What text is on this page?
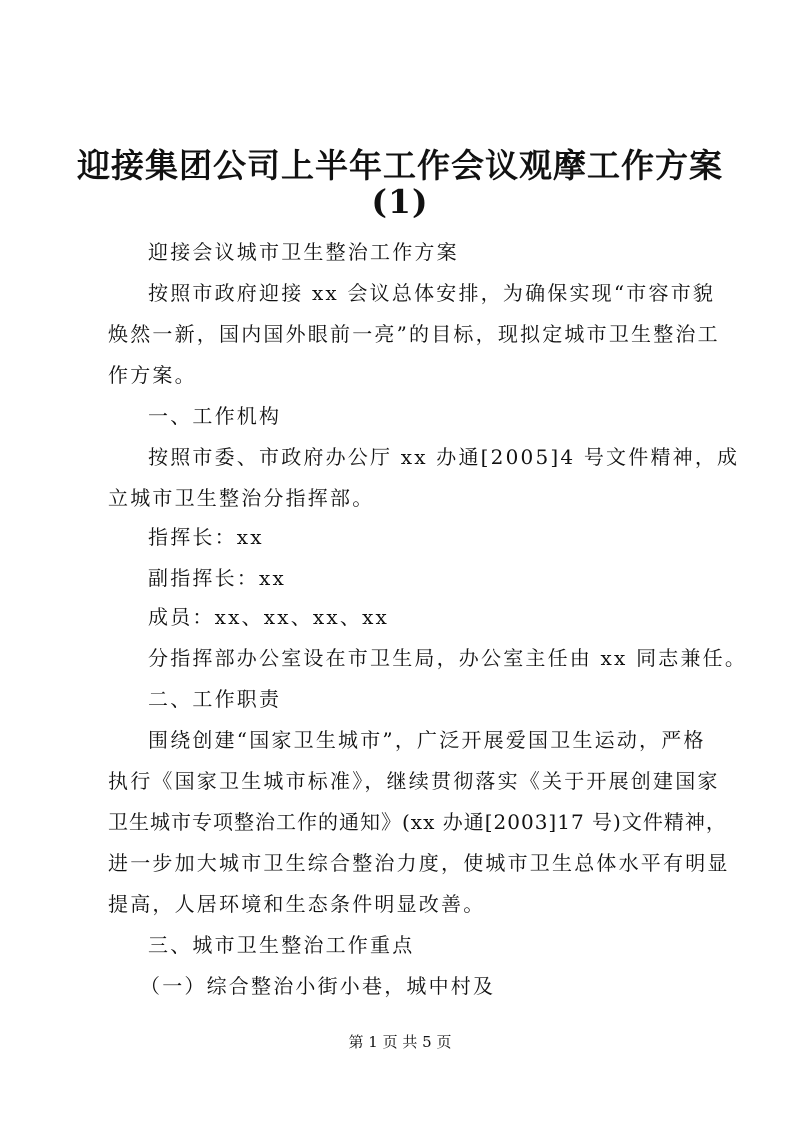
迎接集团公司上半年工作会议观摩工作方案
(1)
迎接会议城市卫生整治工作方案
按照市政府迎接 xx 会议总体安排，为确保实现“市容市貌
焕然一新，国内国外眼前一亮”的目标，现拟定城市卫生整治工
作方案。
一、工作机构
按照市委、市政府办公厅 xx 办通[2005]4 号文件精神，成
立城市卫生整治分指挥部。
指挥长：xx
副指挥长：xx
成员：xx、xx、xx、xx
分指挥部办公室设在市卫生局，办公室主任由 xx 同志兼任。
二、工作职责
围绕创建“国家卫生城市”，广泛开展爱国卫生运动，严格
执行《国家卫生城市标准》，继续贯彻落实《关于开展创建国家
卫生城市专项整治工作的通知》(xx 办通[2003]17 号)文件精神，
进一步加大城市卫生综合整治力度，使城市卫生总体水平有明显
提高，人居环境和生态条件明显改善。
三、城市卫生整治工作重点
（一）综合整治小街小巷，城中村及
第 1 页 共 5 页
